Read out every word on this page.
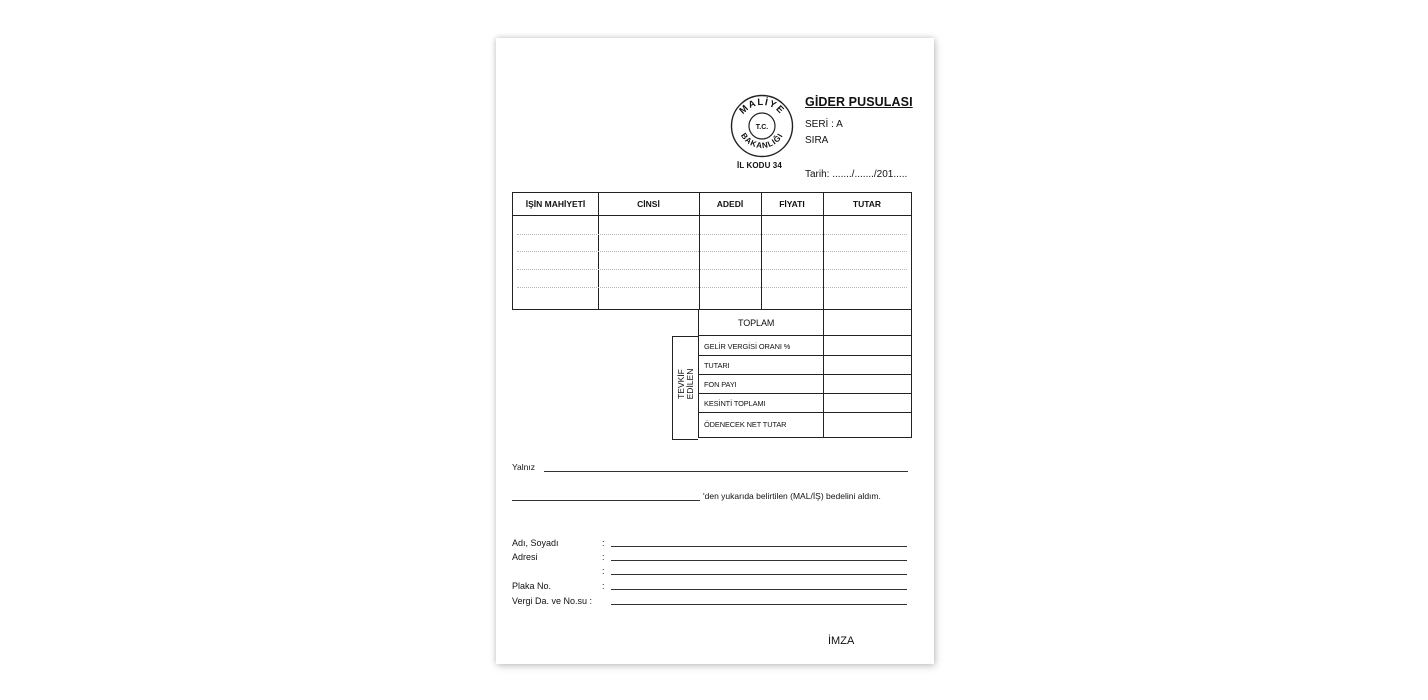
MALİYE
BAKANLIĞI
T.C.
İL KODU 34
GİDER PUSULASI
SERİ : A
SIRA
Tarih: ......./......./201.....
İŞİN MAHİYETİ	CİNSİ	ADEDİ	FİYATI	TUTAR
TOPLAM
GELİR VERGİSİ ORANI %
TUTARI
FON PAYI
KESİNTİ TOPLAMI
ÖDENECEK NET TUTAR
TEVKİF EDİLEN
Yalnız
'den yukarıda belirtilen (MAL/İŞ) bedelini aldım.
Adı, Soyadı	:
Adresi	:
:
Plaka No.	:
Vergi Da. ve No.su :
İMZA
